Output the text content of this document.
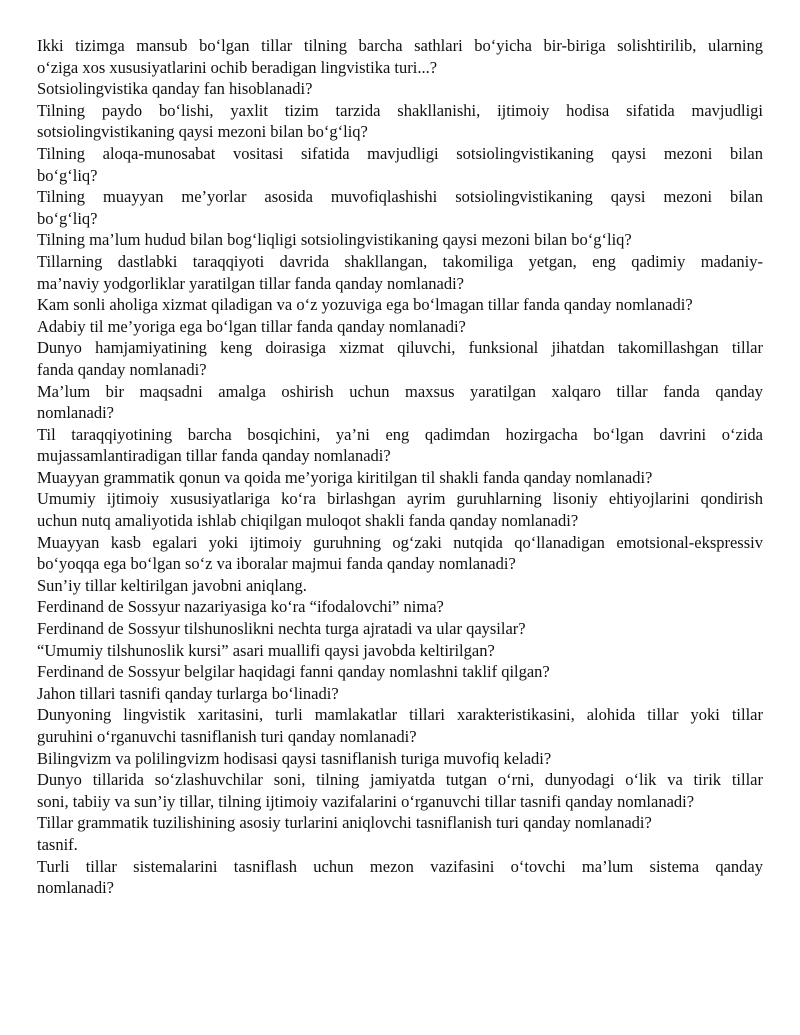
Ikki tizimga mansub bo‘lgan tillar tilning barcha sathlari bo‘yicha bir-biriga solishtirilib, ularning

o‘ziga xos xususiyatlarini ochib beradigan lingvistika turi...?

Sotsiolingvistika qanday fan hisoblanadi?

Tilning paydo bo‘lishi, yaxlit tizim tarzida shakllanishi, ijtimoiy hodisa sifatida mavjudligi

sotsiolingvistikaning qaysi mezoni bilan bo‘g‘liq?

Tilning aloqa-munosabat vositasi sifatida mavjudligi sotsiolingvistikaning qaysi mezoni bilan

bo‘g‘liq?

Tilning muayyan me’yorlar asosida muvofiqlashishi sotsiolingvistikaning qaysi mezoni bilan

bo‘g‘liq?

Tilning ma’lum hudud bilan bog‘liqligi sotsiolingvistikaning qaysi mezoni bilan bo‘g‘liq?

Tillarning dastlabki taraqqiyoti davrida shakllangan, takomiliga yetgan, eng qadimiy madaniy-

ma’naviy yodgorliklar yaratilgan tillar fanda qanday nomlanadi?

Kam sonli aholiga xizmat qiladigan va o‘z yozuviga ega bo‘lmagan tillar fanda qanday nomlanadi?

Adabiy til me’yoriga ega bo‘lgan tillar fanda qanday nomlanadi?

Dunyo hamjamiyatining keng doirasiga xizmat qiluvchi, funksional jihatdan takomillashgan tillar

fanda qanday nomlanadi?

Ma’lum bir maqsadni amalga oshirish uchun maxsus yaratilgan xalqaro tillar fanda qanday

nomlanadi?

Til taraqqiyotining barcha bosqichini, ya’ni eng qadimdan hozirgacha bo‘lgan davrini o‘zida

mujassamlantiradigan tillar fanda qanday nomlanadi?

Muayyan grammatik qonun va qoida me’yoriga kiritilgan til shakli fanda qanday nomlanadi?

Umumiy ijtimoiy xususiyatlariga ko‘ra birlashgan ayrim guruhlarning lisoniy ehtiyojlarini qondirish

uchun nutq amaliyotida ishlab chiqilgan muloqot shakli fanda qanday nomlanadi?

Muayyan kasb egalari yoki ijtimoiy guruhning og‘zaki nutqida qo‘llanadigan emotsional-ekspressiv

bo‘yoqqa ega bo‘lgan so‘z va iboralar majmui fanda qanday nomlanadi?

Sun’iy tillar keltirilgan javobni aniqlang.

Ferdinand de Sossyur nazariyasiga ko‘ra “ifodalovchi” nima?

Ferdinand de Sossyur tilshunoslikni nechta turga ajratadi va ular qaysilar?

“Umumiy tilshunoslik kursi” asari muallifi qaysi javobda keltirilgan?

Ferdinand de Sossyur belgilar haqidagi fanni qanday nomlashni taklif qilgan?

Jahon tillari tasnifi qanday turlarga bo‘linadi?

Dunyoning lingvistik xaritasini, turli mamlakatlar tillari xarakteristikasini, alohida tillar yoki tillar

guruhini o‘rganuvchi tasniflanish turi qanday nomlanadi?

Bilingvizm va polilingvizm hodisasi qaysi tasniflanish turiga muvofiq keladi?

Dunyo tillarida so‘zlashuvchilar soni, tilning jamiyatda tutgan o‘rni, dunyodagi o‘lik va tirik tillar

soni, tabiiy va sun’iy tillar, tilning ijtimoiy vazifalarini o‘rganuvchi tillar tasnifi qanday nomlanadi?

Tillar grammatik tuzilishining asosiy turlarini aniqlovchi tasniflanish turi qanday nomlanadi?

tasnif.

Turli tillar sistemalarini tasniflash uchun mezon vazifasini o‘tovchi ma’lum sistema qanday

nomlanadi?
